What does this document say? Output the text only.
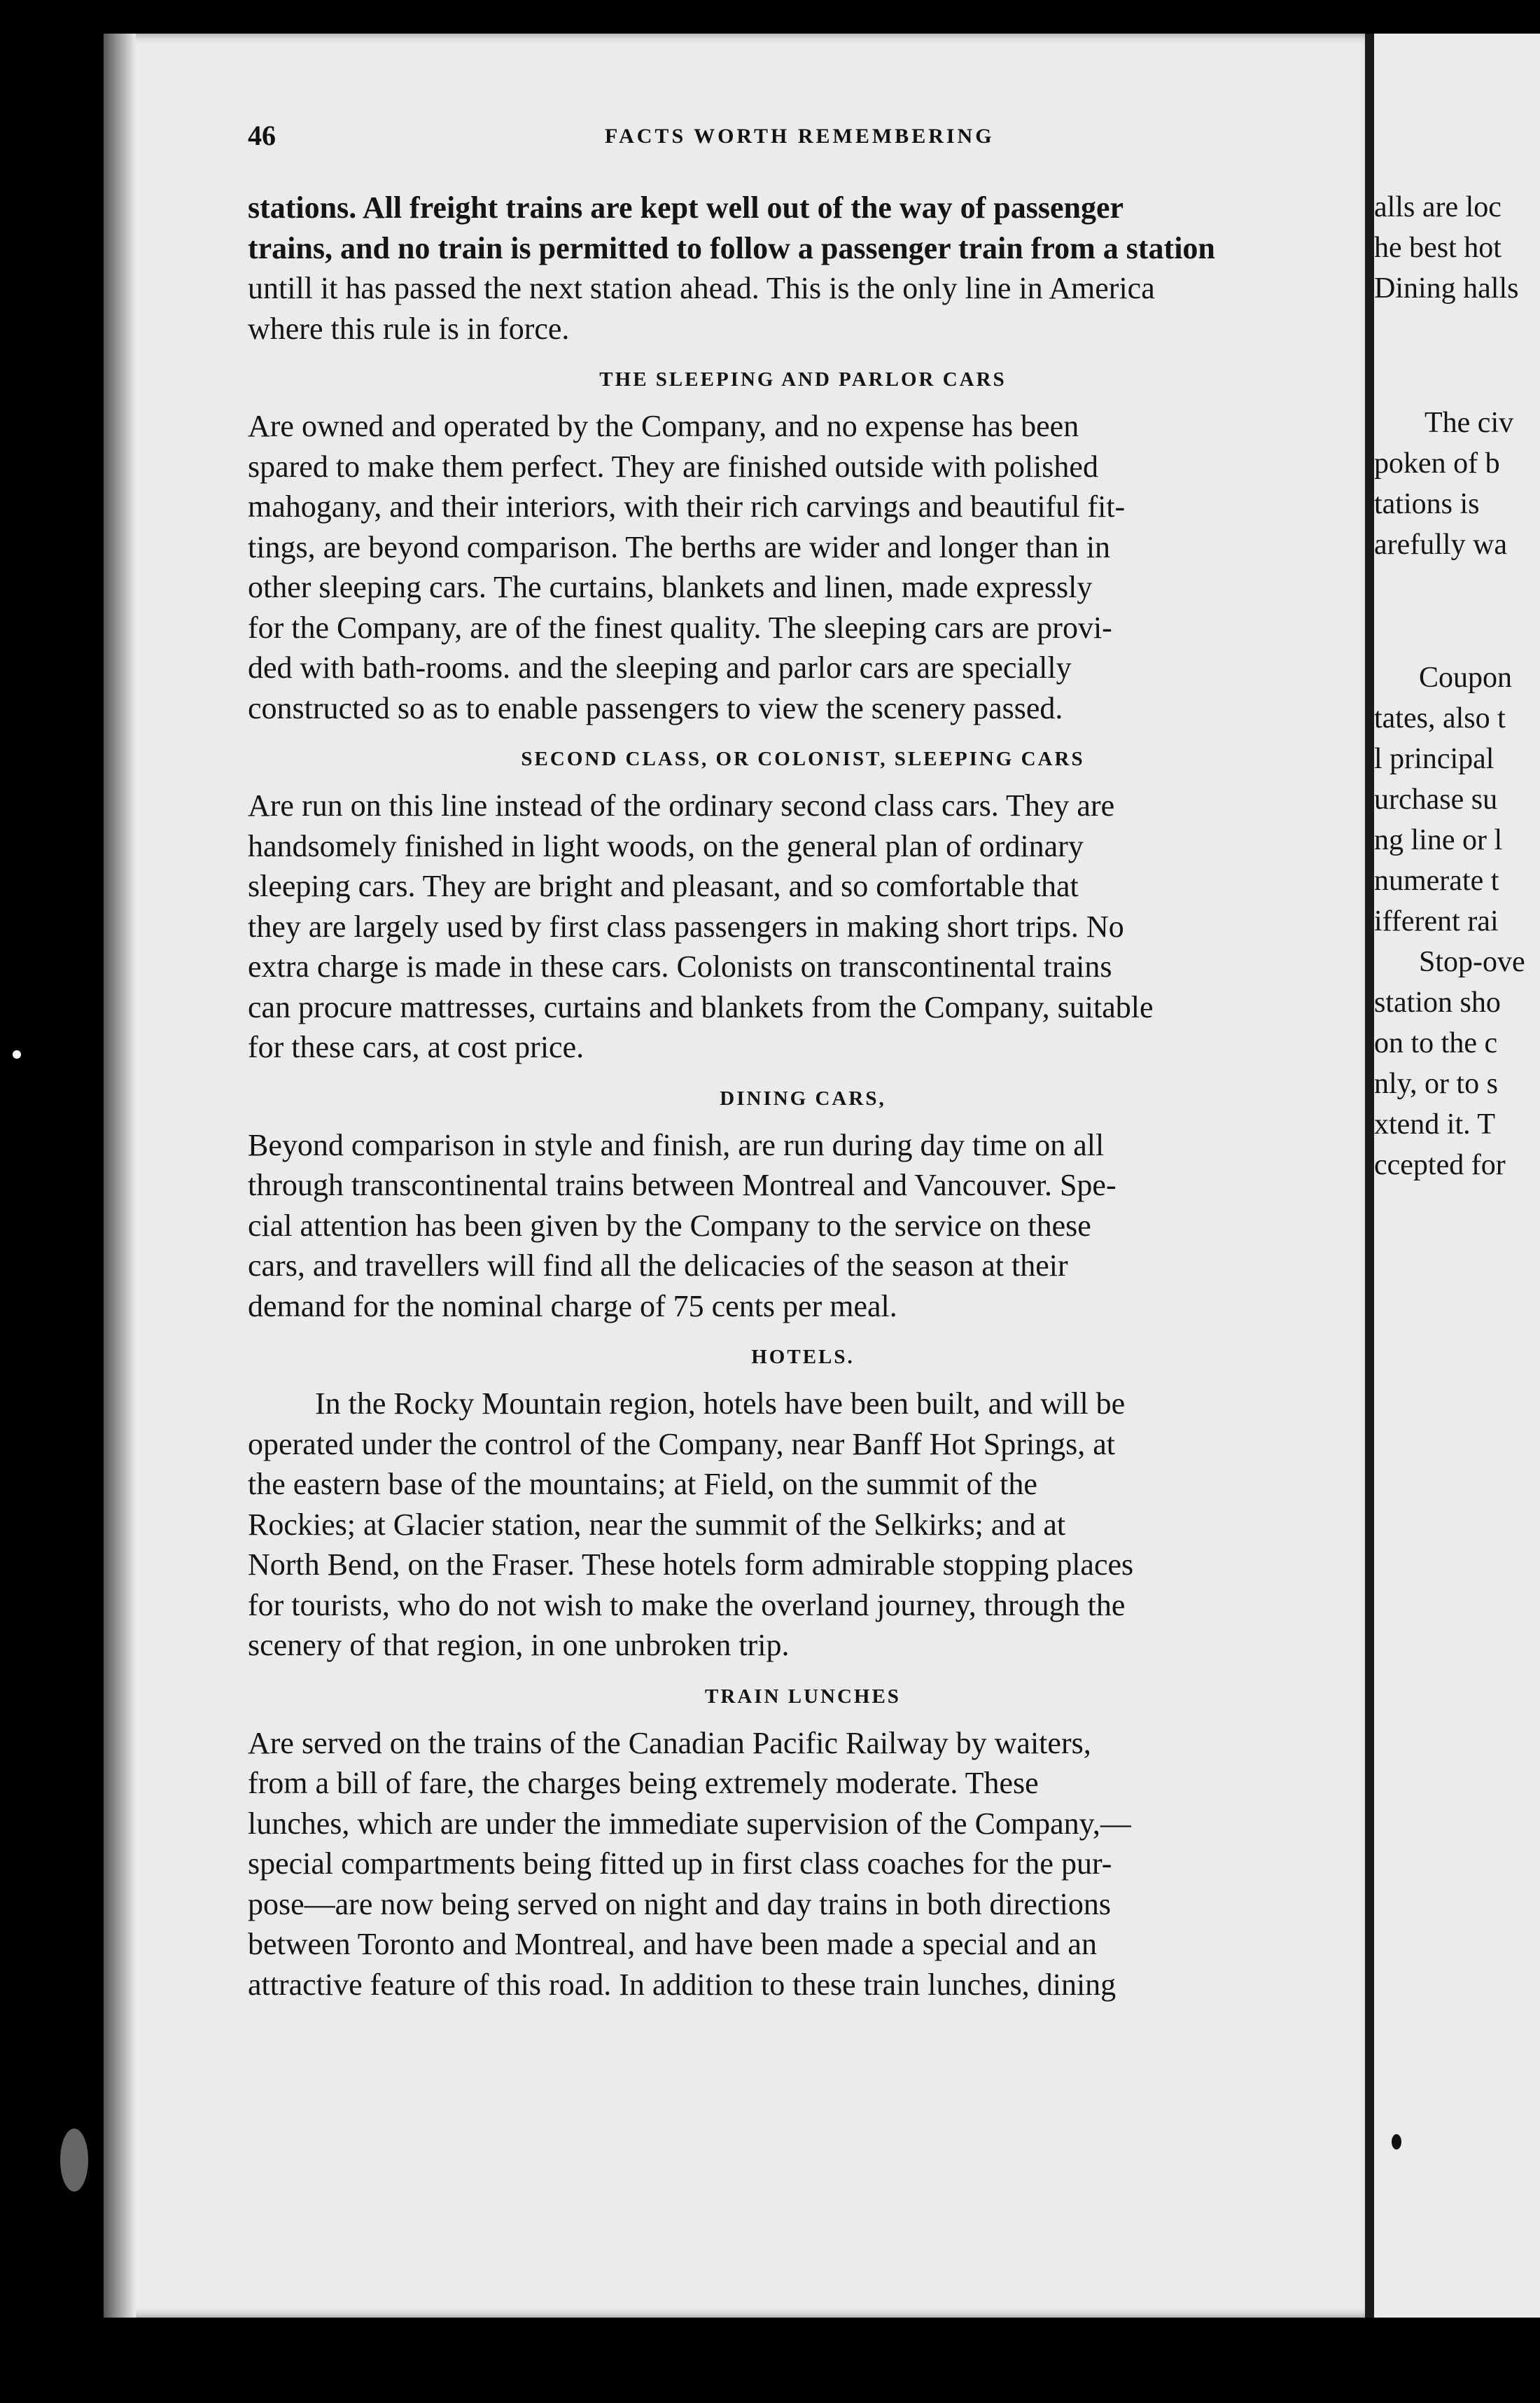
46	FACTS WORTH REMEMBERING

stations. All freight trains are kept well out of the way of passenger
trains, and no train is permitted to follow a passenger train from a station
untill it has passed the next station ahead. This is the only line in America
where this rule is in force.

THE SLEEPING AND PARLOR CARS

Are owned and operated by the Company, and no expense has been
spared to make them perfect. They are finished outside with polished
mahogany, and their interiors, with their rich carvings and beautiful fit-
tings, are beyond comparison. The berths are wider and longer than in
other sleeping cars. The curtains, blankets and linen, made expressly
for the Company, are of the finest quality. The sleeping cars are provi-
ded with bath-rooms. and the sleeping and parlor cars are specially
constructed so as to enable passengers to view the scenery passed.

SECOND CLASS, OR COLONIST, SLEEPING CARS

Are run on this line instead of the ordinary second class cars. They are
handsomely finished in light woods, on the general plan of ordinary
sleeping cars. They are bright and pleasant, and so comfortable that
they are largely used by first class passengers in making short trips. No
extra charge is made in these cars. Colonists on transcontinental trains
can procure mattresses, curtains and blankets from the Company, suitable
for these cars, at cost price.

DINING CARS,

Beyond comparison in style and finish, are run during day time on all
through transcontinental trains between Montreal and Vancouver. Spe-
cial attention has been given by the Company to the service on these
cars, and travellers will find all the delicacies of the season at their
demand for the nominal charge of 75 cents per meal.

HOTELS.

In the Rocky Mountain region, hotels have been built, and will be
operated under the control of the Company, near Banff Hot Springs, at
the eastern base of the mountains; at Field, on the summit of the
Rockies; at Glacier station, near the summit of the Selkirks; and at
North Bend, on the Fraser. These hotels form admirable stopping places
for tourists, who do not wish to make the overland journey, through the
scenery of that region, in one unbroken trip.

TRAIN LUNCHES

Are served on the trains of the Canadian Pacific Railway by waiters,
from a bill of fare, the charges being extremely moderate. These
lunches, which are under the immediate supervision of the Company,—
special compartments being fitted up in first class coaches for the pur-
pose—are now being served on night and day trains in both directions
between Toronto and Montreal, and have been made a special and an
attractive feature of this road. In addition to these train lunches, dining

alls are loc
he best hot
Dining halls
The civ
poken of b
tations is
arefully wa
Coupon
tates, also t
l principal
urchase su
ng line or l
numerate t
ifferent rai
Stop-ove
station sho
on to the c
nly, or to s
xtend it. T
ccepted for
